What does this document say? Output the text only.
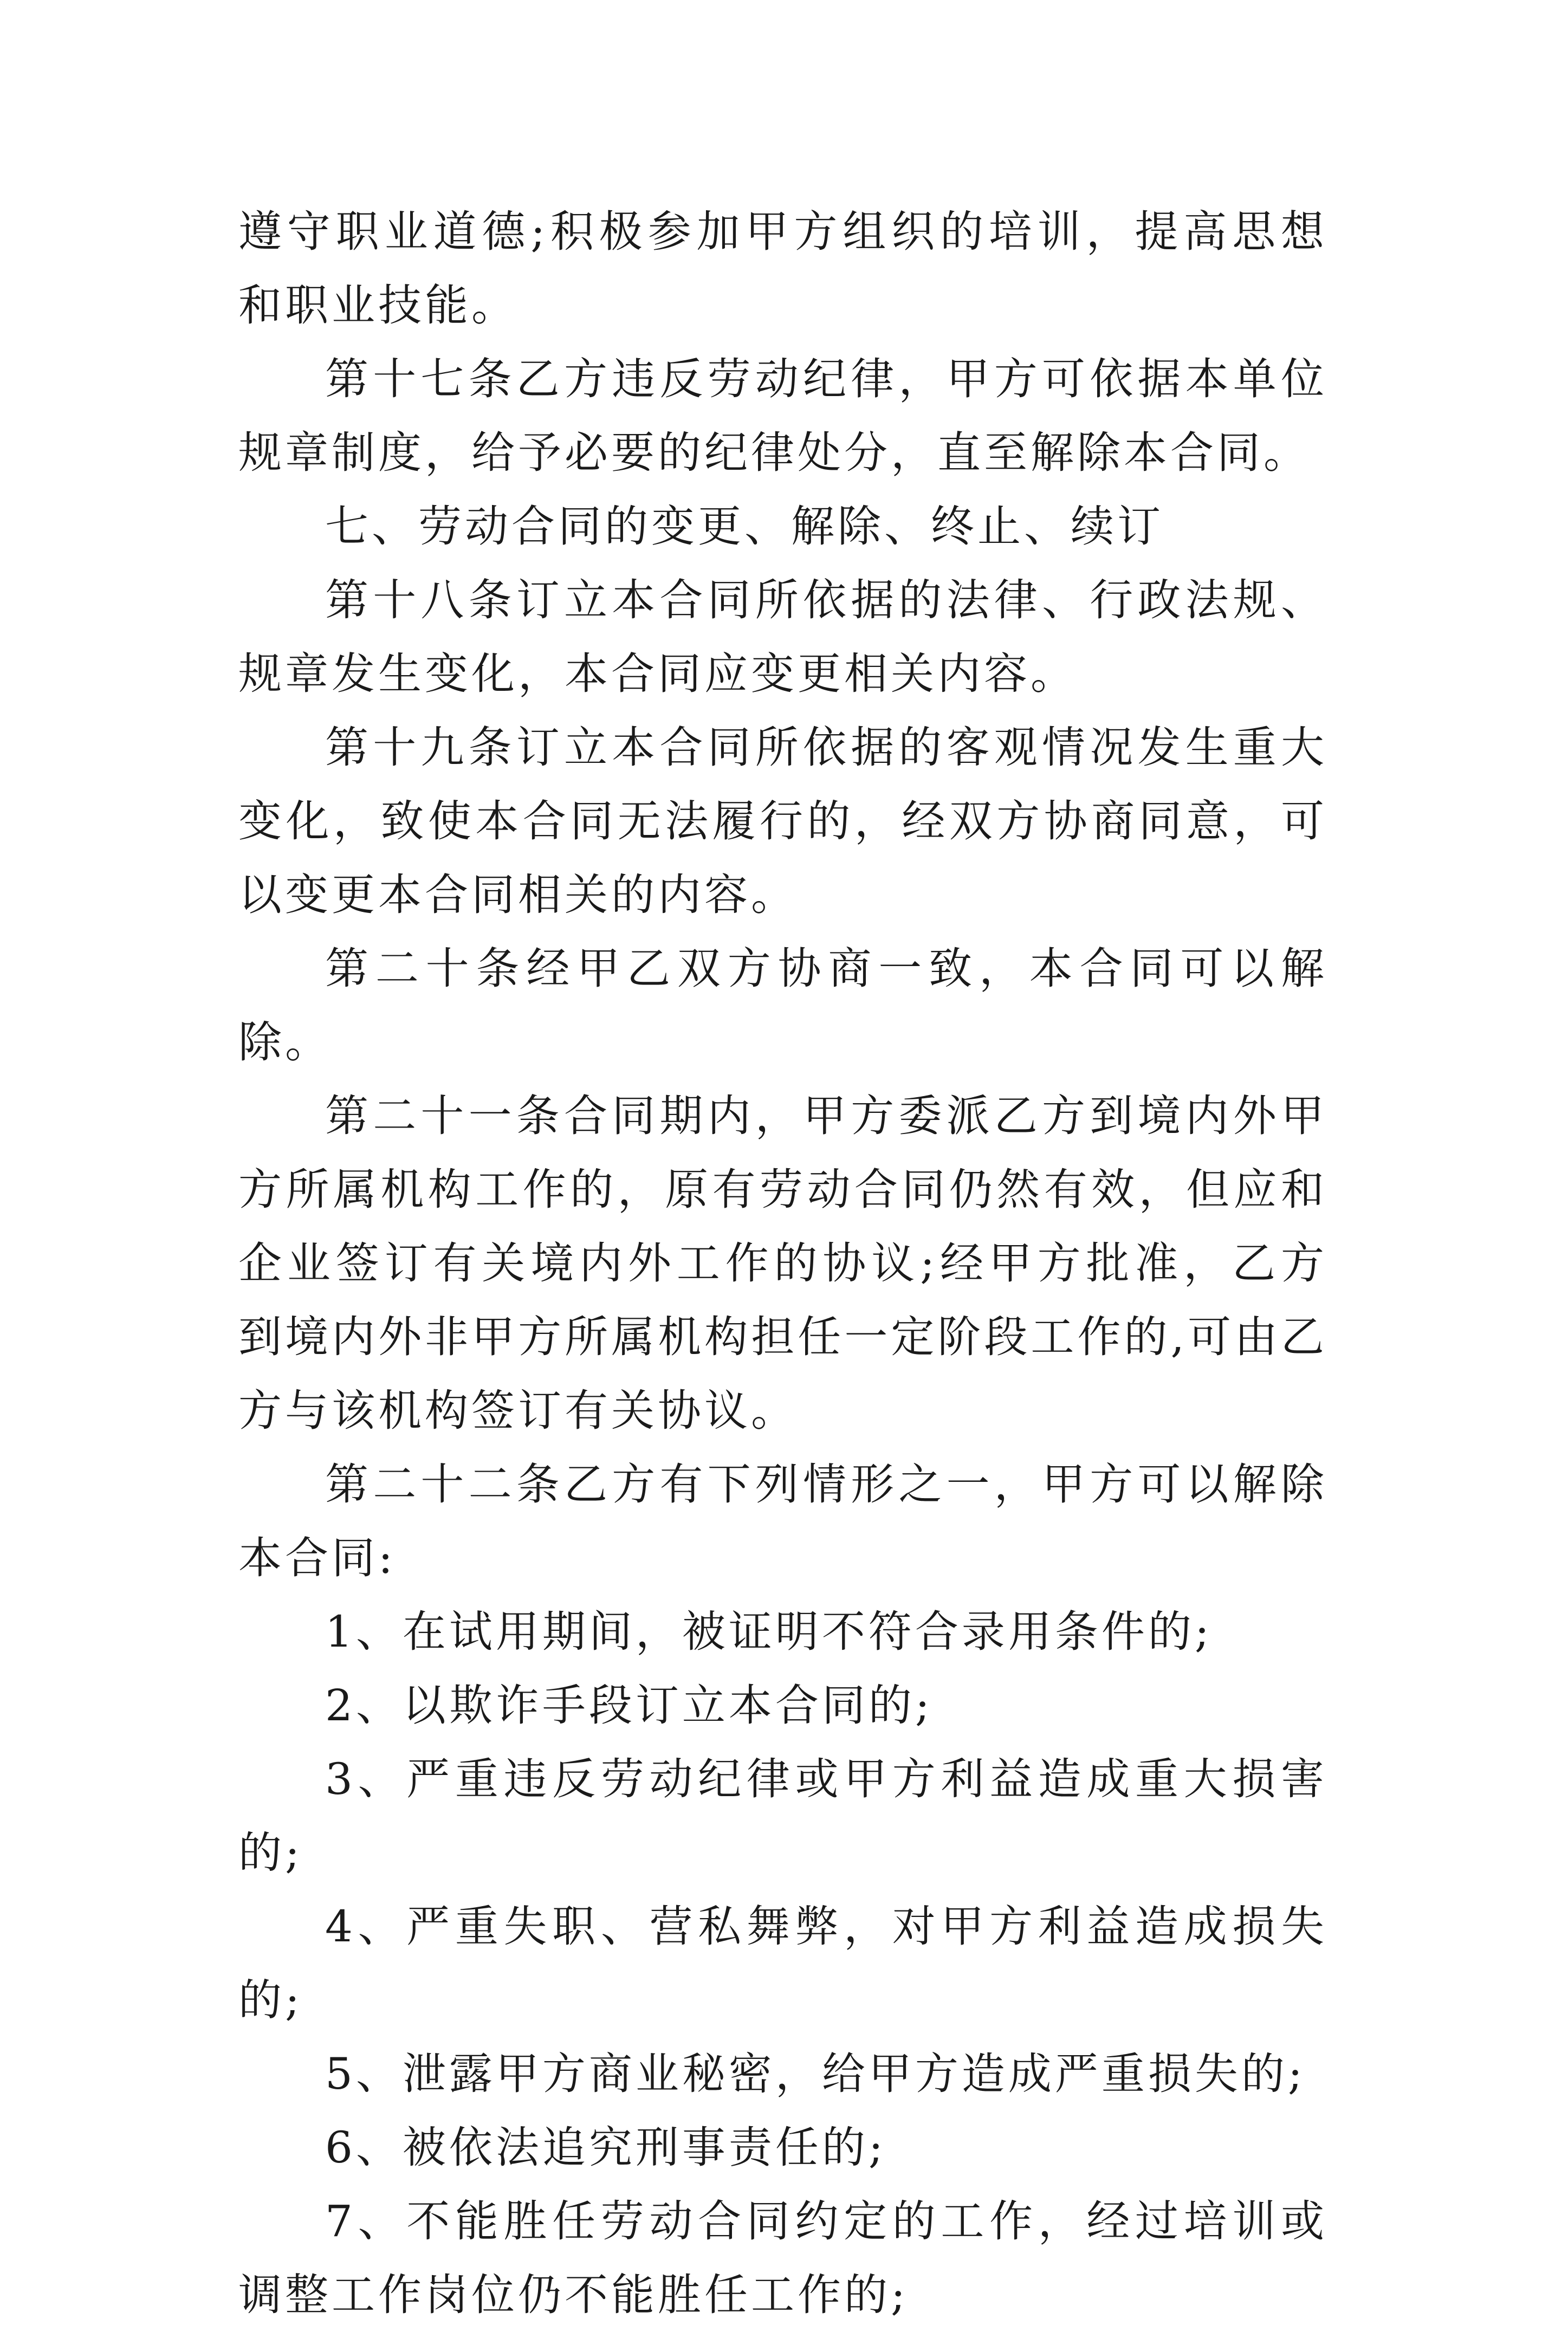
遵守职业道德;积极参加甲方组织的培训，提高思想和职业技能。

第十七条乙方违反劳动纪律，甲方可依据本单位规章制度，给予必要的纪律处分，直至解除本合同。

七、劳动合同的变更、解除、终止、续订

第十八条订立本合同所依据的法律、行政法规、规章发生变化，本合同应变更相关内容。

第十九条订立本合同所依据的客观情况发生重大变化，致使本合同无法履行的，经双方协商同意，可以变更本合同相关的内容。

第二十条经甲乙双方协商一致，本合同可以解除。

第二十一条合同期内，甲方委派乙方到境内外甲方所属机构工作的，原有劳动合同仍然有效，但应和企业签订有关境内外工作的协议;经甲方批准，乙方到境内外非甲方所属机构担任一定阶段工作的,可由乙方与该机构签订有关协议。

第二十二条乙方有下列情形之一，甲方可以解除本合同:

1、在试用期间，被证明不符合录用条件的;

2、以欺诈手段订立本合同的;

3、严重违反劳动纪律或甲方利益造成重大损害的;

4、严重失职、营私舞弊，对甲方利益造成损失的;

5、泄露甲方商业秘密，给甲方造成严重损失的;

6、被依法追究刑事责任的;

7、不能胜任劳动合同约定的工作，经过培训或调整工作岗位仍不能胜任工作的;
